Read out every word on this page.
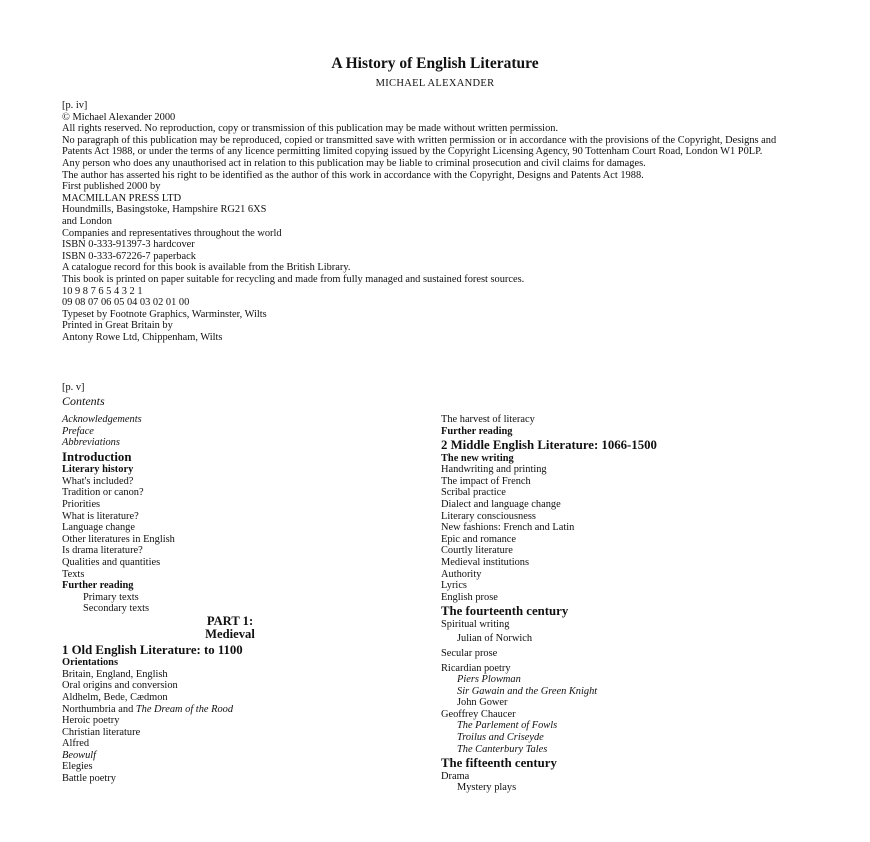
A History of English Literature
MICHAEL ALEXANDER
[p. iv]
© Michael Alexander 2000
All rights reserved. No reproduction, copy or transmission of this publication may be made without written permission.
No paragraph of this publication may be reproduced, copied or transmitted save with written permission or in accordance with the provisions of the Copyright, Designs and Patents Act 1988, or under the terms of any licence permitting limited copying issued by the Copyright Licensing Agency, 90 Tottenham Court Road, London W1 P0LP.
Any person who does any unauthorised act in relation to this publication may be liable to criminal prosecution and civil claims for damages.
The author has asserted his right to be identified as the author of this work in accordance with the Copyright, Designs and Patents Act 1988.
First published 2000 by
MACMILLAN PRESS LTD
Houndmills, Basingstoke, Hampshire RG21 6XS
and London
Companies and representatives throughout the world
ISBN 0-333-91397-3 hardcover
ISBN 0-333-67226-7 paperback
A catalogue record for this book is available from the British Library.
This book is printed on paper suitable for recycling and made from fully managed and sustained forest sources.
10 9 8 7 6 5 4 3 2 1
09 08 07 06 05 04 03 02 01 00
Typeset by Footnote Graphics, Warminster, Wilts
Printed in Great Britain by
Antony Rowe Ltd, Chippenham, Wilts
[p. v]
Contents
Acknowledgements
Preface
Abbreviations
Introduction
Literary history
What's included?
Tradition or canon?
Priorities
What is literature?
Language change
Other literatures in English
Is drama literature?
Qualities and quantities
Texts
Further reading
Primary texts
Secondary texts
PART 1:
Medieval
1 Old English Literature: to 1100
Orientations
Britain, England, English
Oral origins and conversion
Aldhelm, Bede, Cædmon
Northumbria and The Dream of the Rood
Heroic poetry
Christian literature
Alfred
Beowulf
Elegies
Battle poetry
The harvest of literacy
Further reading
2 Middle English Literature: 1066-1500
The new writing
Handwriting and printing
The impact of French
Scribal practice
Dialect and language change
Literary consciousness
New fashions: French and Latin
Epic and romance
Courtly literature
Medieval institutions
Authority
Lyrics
English prose
The fourteenth century
Spiritual writing
Julian of Norwich
Secular prose
Ricardian poetry
Piers Plowman
Sir Gawain and the Green Knight
John Gower
Geoffrey Chaucer
The Parlement of Fowls
Troilus and Criseyde
The Canterbury Tales
The fifteenth century
Drama
Mystery plays
